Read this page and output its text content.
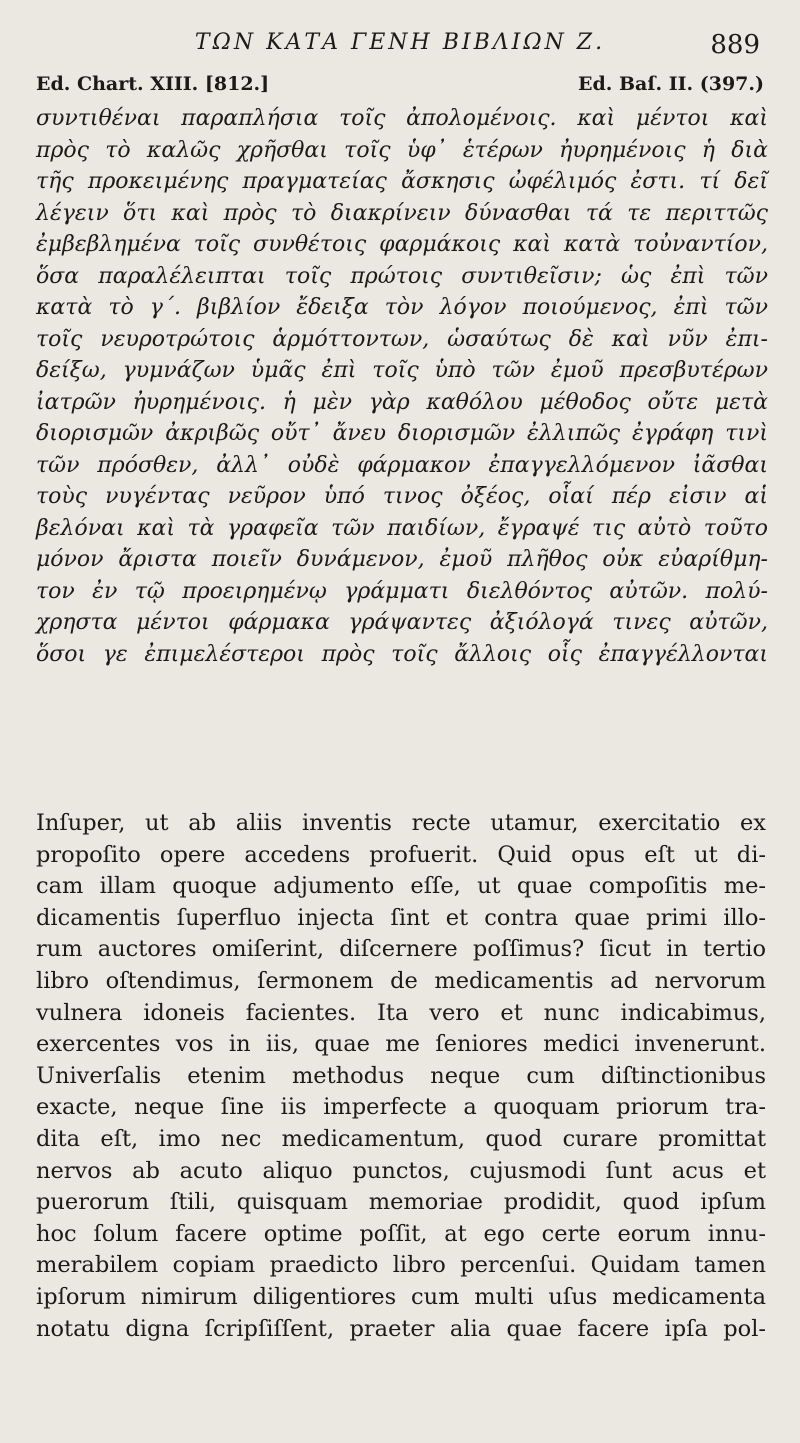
ΤΩΝ ΚΑΤΑ ΓΕΝΗ ΒΙΒΛΙΩΝ Ζ.	889
Ed. Chart. XIII. [812.]	Ed. Baſ. II. (397.)
συντιθέναι παραπλήσια τοῖς ἀπολομένοις. καὶ μέντοι καὶ
πρὸς τὸ καλῶς χρῆσθαι τοῖς ὑφ᾽ ἑτέρων ἠυρημένοις ἡ διὰ
τῆς προκειμένης πραγματείας ἄσκησις ὠφέλιμός ἐστι. τί δεῖ
λέγειν ὅτι καὶ πρὸς τὸ διακρίνειν δύνασθαι τά τε περιττῶς
ἐμβεβλημένα τοῖς συνθέτοις φαρμάκοις καὶ κατὰ τοὐναντίον,
ὅσα παραλέλειπται τοῖς πρώτοις συντιθεῖσιν; ὡς ἐπὶ τῶν
κατὰ τὸ γ΄. βιβλίον ἔδειξα τὸν λόγον ποιούμενος, ἐπὶ τῶν
τοῖς νευροτρώτοις ἁρμόττοντων, ὡσαύτως δὲ καὶ νῦν ἐπι-
δείξω, γυμνάζων ὑμᾶς ἐπὶ τοῖς ὑπὸ τῶν ἐμοῦ πρεσβυτέρων
ἰατρῶν ἠυρημένοις. ἡ μὲν γὰρ καθόλου μέθοδος οὔτε μετὰ
διορισμῶν ἀκριβῶς οὔτ᾽ ἄνευ διορισμῶν ἐλλιπῶς ἐγράφη τινὶ
τῶν πρόσθεν, ἀλλ᾽ οὐδὲ φάρμακον ἐπαγγελλόμενον ἰᾶσθαι
τοὺς νυγέντας νεῦρον ὑπό τινος ὀξέος, οἷαί πέρ εἰσιν αἱ
βελόναι καὶ τὰ γραφεῖα τῶν παιδίων, ἔγραψέ τις αὐτὸ τοῦτο
μόνον ἄριστα ποιεῖν δυνάμενον, ἐμοῦ πλῆθος οὐκ εὐαρίθμη-
τον ἐν τῷ προειρημένῳ γράμματι διελθόντος αὐτῶν. πολύ-
χρηστα μέντοι φάρμακα γράψαντες ἀξιόλογά τινες αὐτῶν,
ὅσοι γε ἐπιμελέστεροι πρὸς τοῖς ἄλλοις οἷς ἐπαγγέλλονται
Inſuper, ut ab aliis inventis recte utamur, exercitatio ex
propoſito opere accedens profuerit. Quid opus eſt ut di-
cam illam quoque adjumento eſſe, ut quae compoſitis me-
dicamentis ſuperfluo injecta ſint et contra quae primi illo-
rum auctores omiſerint, diſcernere poſſimus? ſicut in tertio
libro oſtendimus, ſermonem de medicamentis ad nervorum
vulnera idoneis facientes. Ita vero et nunc indicabimus,
exercentes vos in iis, quae me ſeniores medici invenerunt.
Univerſalis etenim methodus neque cum diſtinctionibus
exacte, neque ſine iis imperfecte a quoquam priorum tra-
dita eſt, imo nec medicamentum, quod curare promittat
nervos ab acuto aliquo punctos, cujusmodi ſunt acus et
puerorum ſtili, quisquam memoriae prodidit, quod ipſum
hoc ſolum facere optime poſſit, at ego certe eorum innu-
merabilem copiam praedicto libro percenſui. Quidam tamen
ipſorum nimirum diligentiores cum multi uſus medicamenta
notatu digna ſcripſiſſent, praeter alia quae facere ipſa pol-
